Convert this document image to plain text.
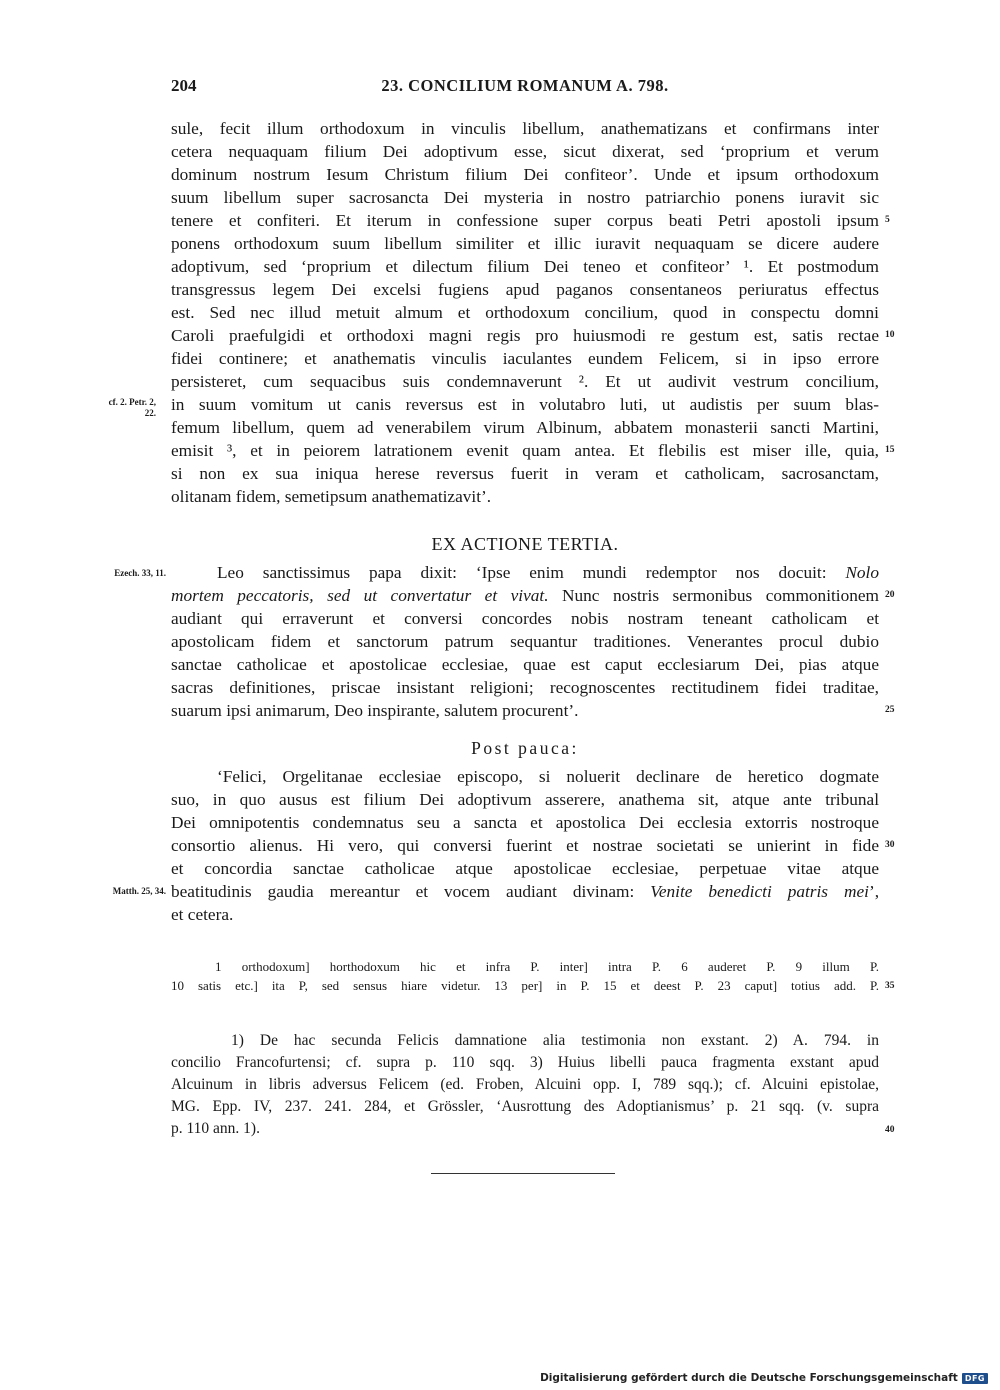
204	23. CONCILIUM ROMANUM A. 798.
sule, fecit illum orthodoxum in vinculis libellum, anathematizans et confirmans inter
cetera nequaquam filium Dei adoptivum esse, sicut dixerat, sed ‘proprium et verum
dominum nostrum Iesum Christum filium Dei confiteor’. Unde et ipsum orthodoxum
suum libellum super sacrosancta Dei mysteria in nostro patriarchio ponens iuravit sic
tenere et confiteri. Et iterum in confessione super corpus beati Petri apostoli ipsum
ponens orthodoxum suum libellum similiter et illic iuravit nequaquam se dicere audere
adoptivum, sed ‘proprium et dilectum filium Dei teneo et confiteor’ ¹. Et postmodum
transgressus legem Dei excelsi fugiens apud paganos consentaneos periuratus effectus
est. Sed nec illud metuit almum et orthodoxum concilium, quod in conspectu domni
Caroli praefulgidi et orthodoxi magni regis pro huiusmodi re gestum est, satis rectae
fidei continere; et anathematis vinculis iaculantes eundem Felicem, si in ipso errore
persisteret, cum sequacibus suis condemnaverunt ². Et ut audivit vestrum concilium,
in suum vomitum ut canis reversus est in volutabro luti, ut audistis per suum blas-
femum libellum, quem ad venerabilem virum Albinum, abbatem monasterii sancti Martini,
emisit ³, et in peiorem latrationem evenit quam antea. Et flebilis est miser ille, quia,
si non ex sua iniqua herese reversus fuerit in veram et catholicam, sacrosanctam,
olitanam fidem, semetipsum anathematizavit’.
EX ACTIONE TERTIA.
Leo sanctissimus papa dixit: ‘Ipse enim mundi redemptor nos docuit: Nolo
mortem peccatoris, sed ut convertatur et vivat. Nunc nostris sermonibus commonitionem
audiant qui erraverunt et conversi concordes nobis nostram teneant catholicam et
apostolicam fidem et sanctorum patrum sequantur traditiones. Venerantes procul dubio
sanctae catholicae et apostolicae ecclesiae, quae est caput ecclesiarum Dei, pias atque
sacras definitiones, priscae insistant religioni; recognoscentes rectitudinem fidei traditae,
suarum ipsi animarum, Deo inspirante, salutem procurent’.
Post pauca:
‘Felici, Orgelitanae ecclesiae episcopo, si noluerit declinare de heretico dogmate
suo, in quo ausus est filium Dei adoptivum asserere, anathema sit, atque ante tribunal
Dei omnipotentis condemnatus seu a sancta et apostolica Dei ecclesia extorris nostroque
consortio alienus. Hi vero, qui conversi fuerint et nostrae societati se unierint in fide
et concordia sanctae catholicae atque apostolicae ecclesiae, perpetuae vitae atque
beatitudinis gaudia mereantur et vocem audiant divinam: Venite benedicti patris mei’,
et cetera.
5
10
15
20
25
30
35
40
cf. 2. Petr. 2, 22.
Ezech. 33, 11.
Matth. 25, 34.
1 orthodoxum] horthodoxum hic et infra P. inter] intra P. 6 auderet P. 9 illum P.
10 satis etc.] ita P, sed sensus hiare videtur. 13 per] in P. 15 et deest P. 23 caput] totius add. P.
1) De hac secunda Felicis damnatione alia testimonia non exstant. 2) A. 794. in
concilio Francofurtensi; cf. supra p. 110 sqq. 3) Huius libelli pauca fragmenta exstant apud
Alcuinum in libris adversus Felicem (ed. Froben, Alcuini opp. I, 789 sqq.); cf. Alcuini epistolae,
MG. Epp. IV, 237. 241. 284, et Grössler, ‘Ausrottung des Adoptianismus’ p. 21 sqq. (v. supra
p. 110 ann. 1).
Digitalisierung gefördert durch die Deutsche Forschungsgemeinschaft DFG
